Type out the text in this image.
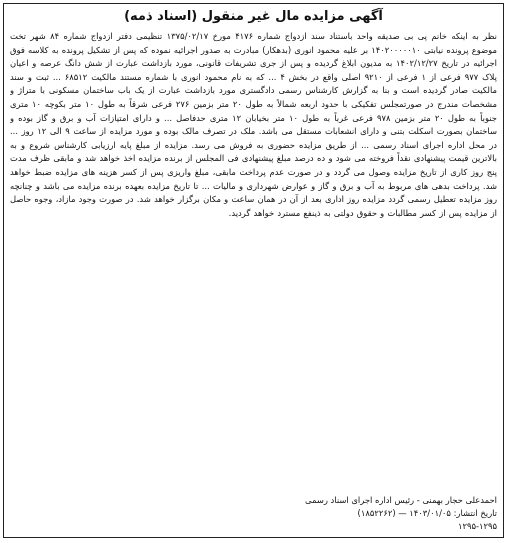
آگهی مزایده مال غیر منقول (اسناد ذمه)
نظر به اینکه خانم پی بی صدیقه واحد باستناد سند ازدواج شماره ۴۱۷۶ مورخ ۱۳۷۵/۰۲/۱۷ تنظیمی دفتر ازدواج شماره ۸۴ شهر تخت موضوع پرونده نیابتی ۱۴۰۲۰۰۰۰۰۱۰ بر علیه محمود انوری (بدهکار) مبادرت به صدور اجرائیه نموده که پس از تشکیل پرونده به کلاسه فوق اجرائیه در تاریخ ۱۴۰۲/۱۲/۲۷ به مدیون ابلاغ گردیده و پس از جری تشریفات قانونی، مورد بازداشت عبارت از شش دانگ عرصه و اعیان پلاک ۹۷۷ فرعی از ۱ فرعی از ۹۲۱۰ اصلی واقع در بخش ۴ ... که به نام محمود انوری با شماره مستند مالکیت ۶۸۵۱۲ ... ثبت و سند مالکیت صادر گردیده است و بنا به گزارش کارشناس رسمی دادگستری مورد بازداشت عبارت از یک باب ساختمان مسکونی با متراژ و مشخصات مندرج در صورتمجلس تفکیکی با حدود اربعه شمالاً به طول ۲۰ متر بزمین ۲۷۶ فرعی شرقاً به طول ۱۰ متر بکوچه ۱۰ متری جنوباً به طول ۲۰ متر بزمین ۹۷۸ فرعی غرباً به طول ۱۰ متر بخیابان ۱۲ متری حدفاصل ... و دارای امتیازات آب و برق و گاز بوده و ساختمان بصورت اسکلت بتنی و دارای انشعابات مستقل می باشد. ملک در تصرف مالک بوده و مورد مزایده از ساعت ۹ الی ۱۲ روز ... در محل اداره اجرای اسناد رسمی ... از طریق مزایده حضوری به فروش می رسد. مزایده از مبلغ پایه ارزیابی کارشناس شروع و به بالاترین قیمت پیشنهادی نقداً فروخته می شود و ده درصد مبلغ پیشنهادی فی المجلس از برنده مزایده اخذ خواهد شد و مابقی ظرف مدت پنج روز کاری از تاریخ مزایده وصول می گردد و در صورت عدم پرداخت مابقی، مبلغ واریزی پس از کسر هزینه های مزایده ضبط خواهد شد. پرداخت بدهی های مربوط به آب و برق و گاز و عوارض شهرداری و مالیات ... تا تاریخ مزایده بعهده برنده مزایده می باشد و چنانچه روز مزایده تعطیل رسمی گردد مزایده روز اداری بعد از آن در همان ساعت و مکان برگزار خواهد شد. در صورت وجود مازاد، وجوه حاصل از مزایده پس از کسر مطالبات و حقوق دولتی به ذینفع مسترد خواهد گردید.
احمدعلی حجار بهمنی - رئیس اداره اجرای اسناد رسمی
تاریخ انتشار: ۱۴۰۳/۰۱/۰۵ — (۱۸۵۲۲۶۲)
۱۲۹۵-۱۲۹۵
